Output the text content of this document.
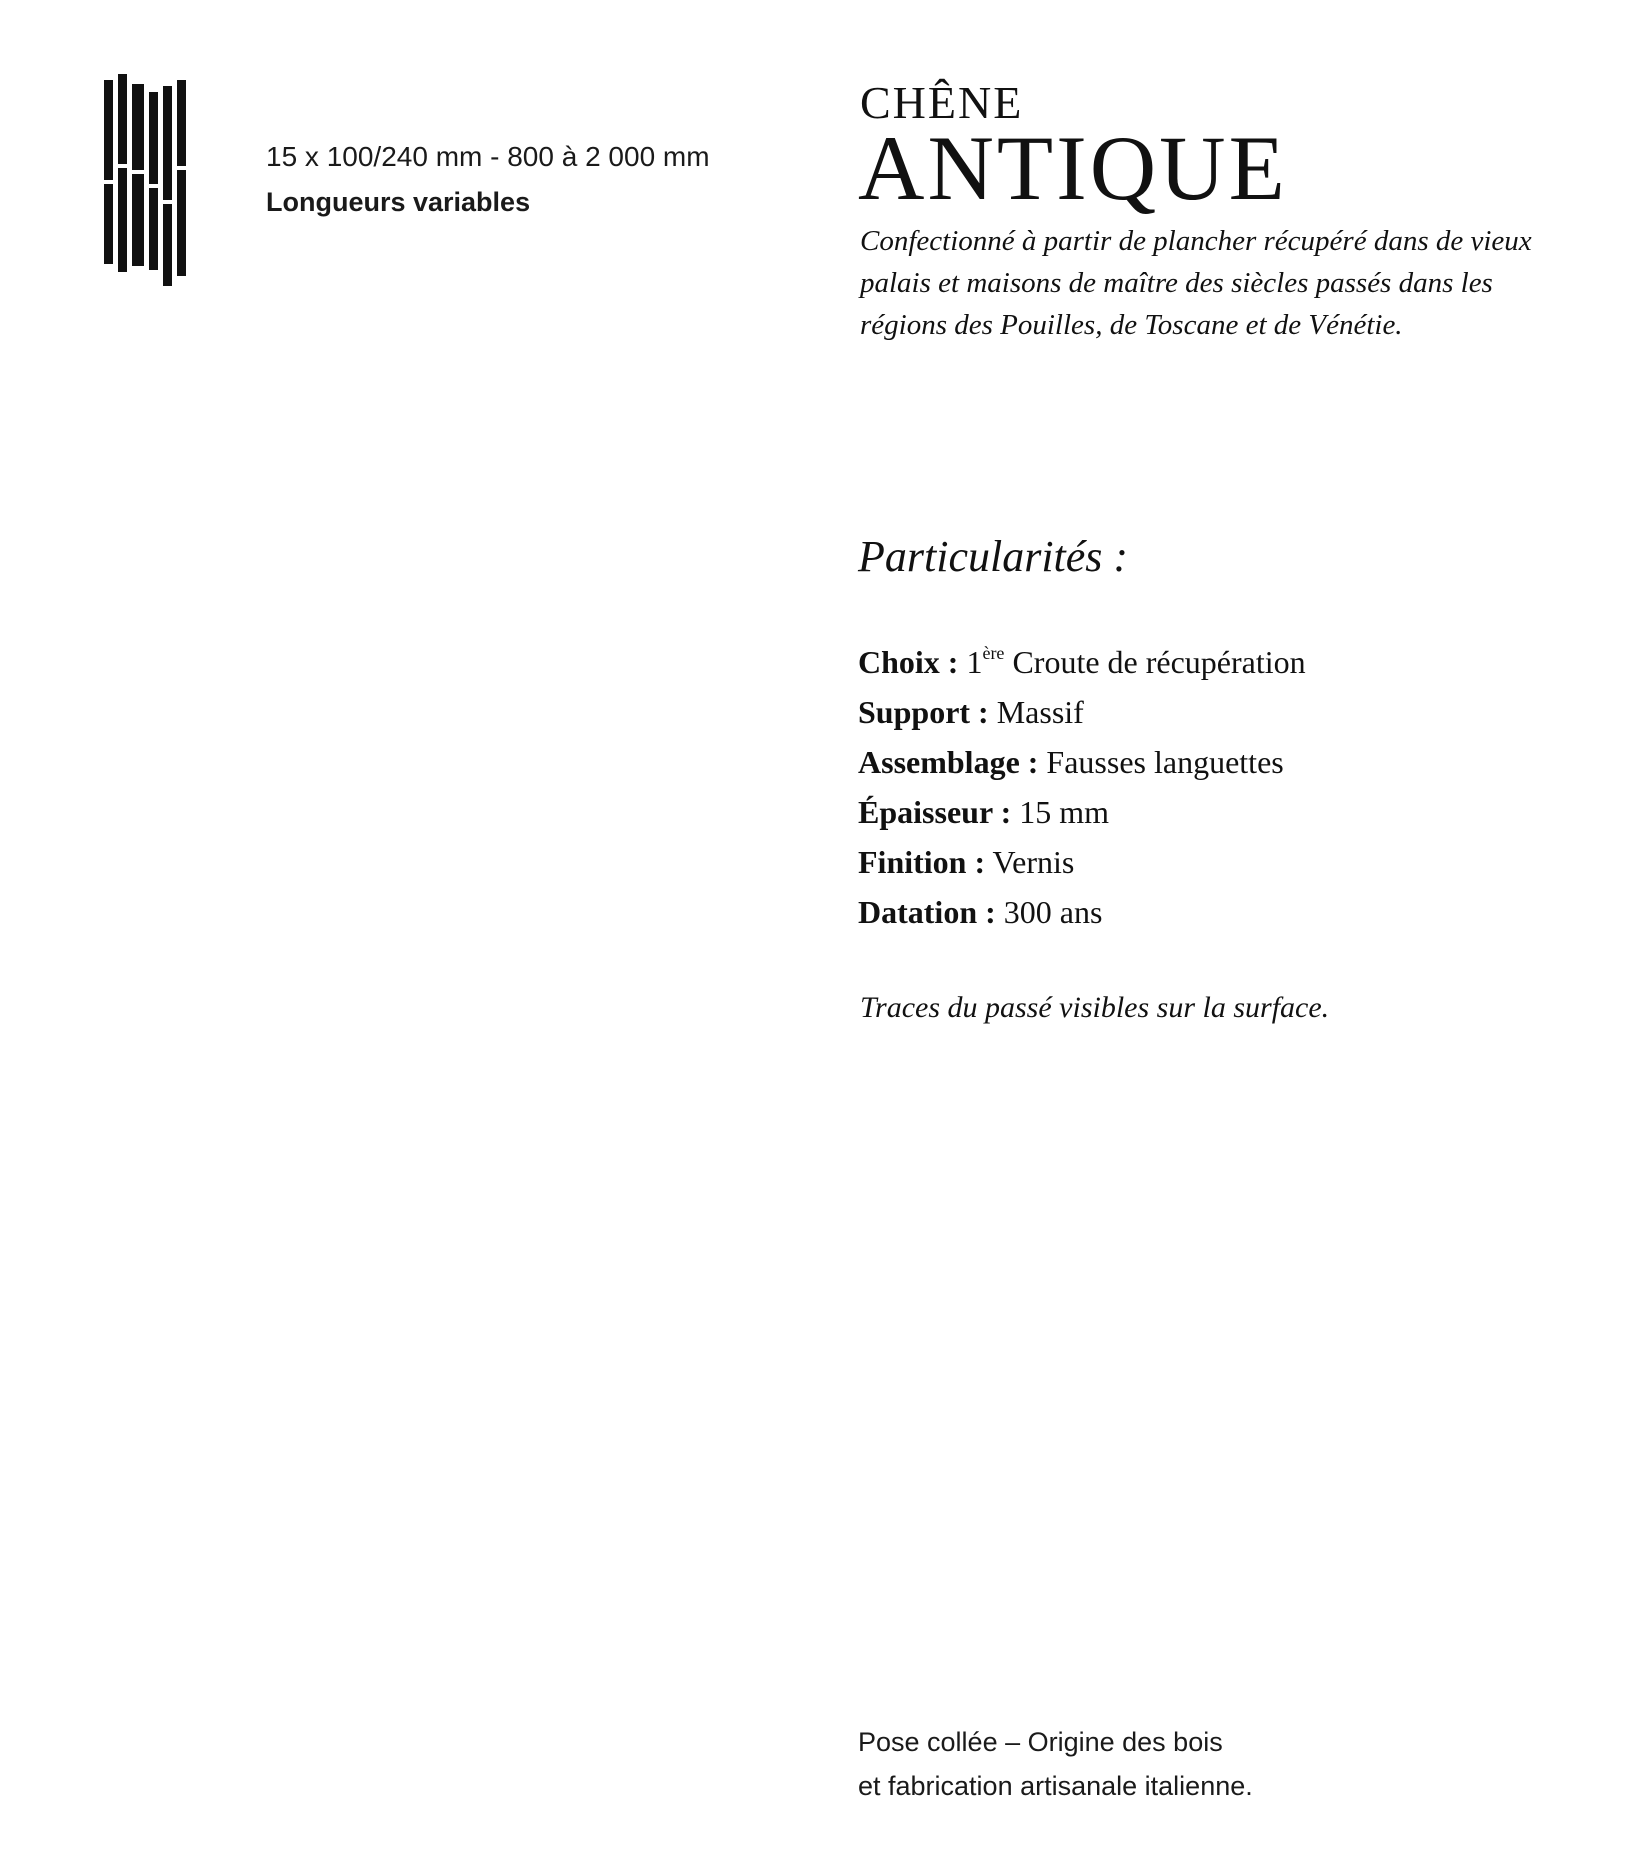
15 x 100/240 mm - 800 à 2 000 mm
Longueurs variables
CHÊNE
ANTIQUE
Confectionné à partir de plancher récupéré dans de vieux palais et maisons de maître des siècles passés dans les régions des Pouilles, de Toscane et de Vénétie.
Particularités :
Choix : 1ère Croute de récupération
Support : Massif
Assemblage : Fausses languettes
Épaisseur : 15 mm
Finition : Vernis
Datation : 300 ans
Traces du passé visibles sur la surface.
Pose collée – Origine des bois
et fabrication artisanale italienne.
